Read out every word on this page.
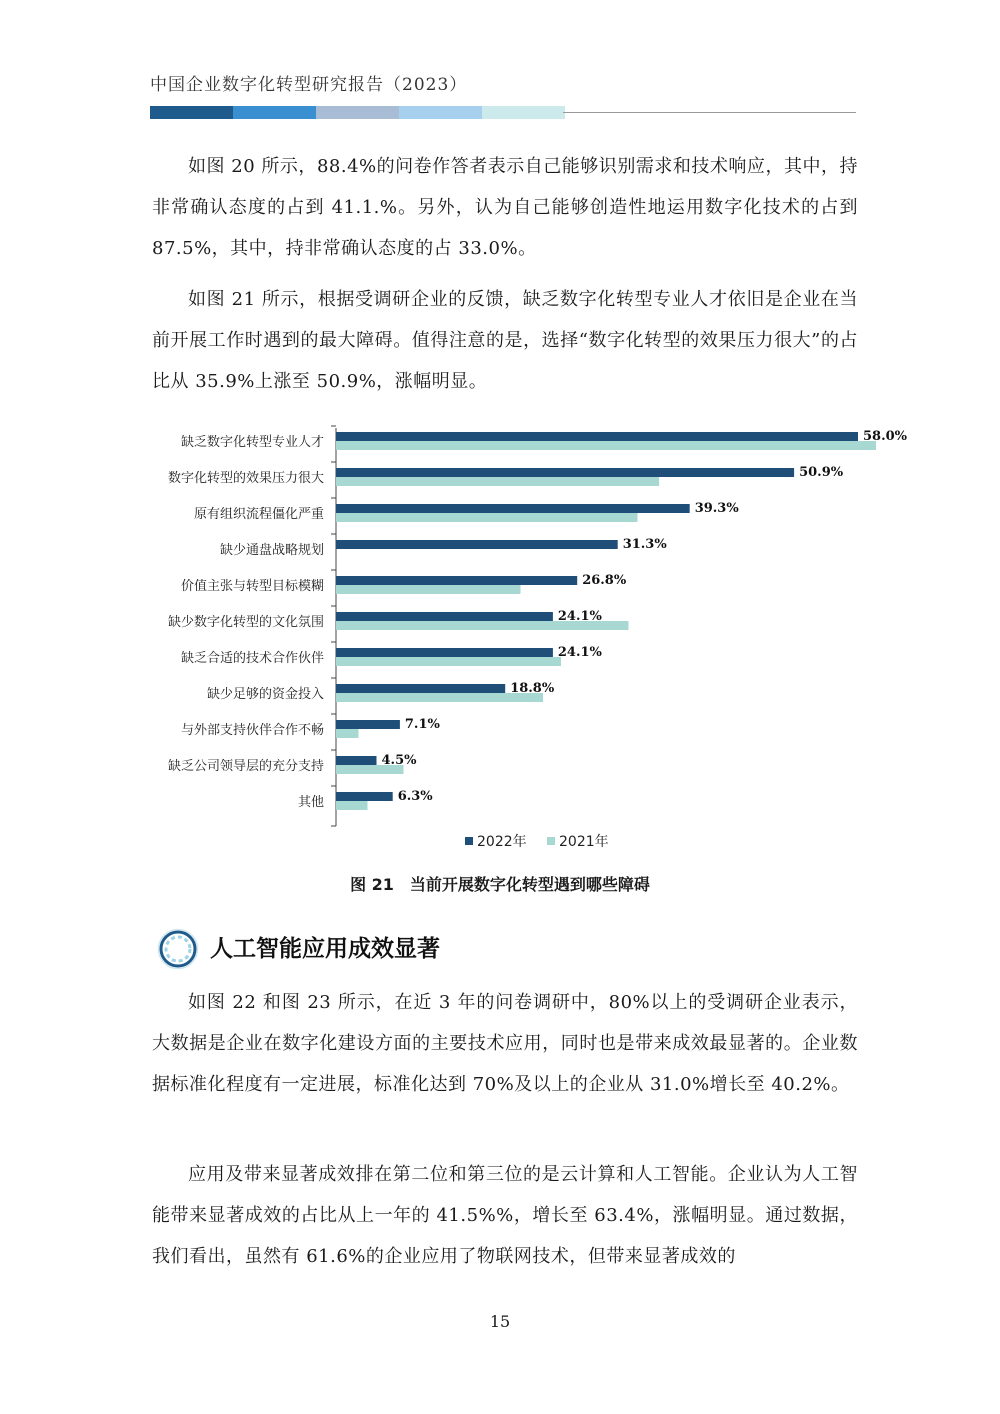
中国企业数字化转型研究报告（2023）

如图 20 所示，88.4%的问卷作答者表示自己能够识别需求和技术响应，其中，持非常确认态度的占到 41.1.%。另外，认为自己能够创造性地运用数字化技术的占到 87.5%，其中，持非常确认态度的占 33.0%。

如图 21 所示，根据受调研企业的反馈，缺乏数字化转型专业人才依旧是企业在当前开展工作时遇到的最大障碍。值得注意的是，选择“数字化转型的效果压力很大”的占比从 35.9%上涨至 50.9%，涨幅明显。

缺乏数字化转型专业人才	58.0%
数字化转型的效果压力很大	50.9%
原有组织流程僵化严重	39.3%
缺少通盘战略规划	31.3%
价值主张与转型目标模糊	26.8%
缺少数字化转型的文化氛围	24.1%
缺乏合适的技术合作伙伴	24.1%
缺少足够的资金投入	18.8%
与外部支持伙伴合作不畅	7.1%
缺乏公司领导层的充分支持	4.5%
其他	6.3%
2022年 2021年
图 21　当前开展数字化转型遇到哪些障碍
人工智能应用成效显著

如图 22 和图 23 所示，在近 3 年的问卷调研中，80%以上的受调研企业表示，大数据是企业在数字化建设方面的主要技术应用，同时也是带来成效最显著的。企业数据标准化程度有一定进展，标准化达到 70%及以上的企业从 31.0%增长至 40.2%。

应用及带来显著成效排在第二位和第三位的是云计算和人工智能。企业认为人工智能带来显著成效的占比从上一年的 41.5%%，增长至 63.4%，涨幅明显。通过数据，我们看出，虽然有 61.6%的企业应用了物联网技术，但带来显著成效的

15
